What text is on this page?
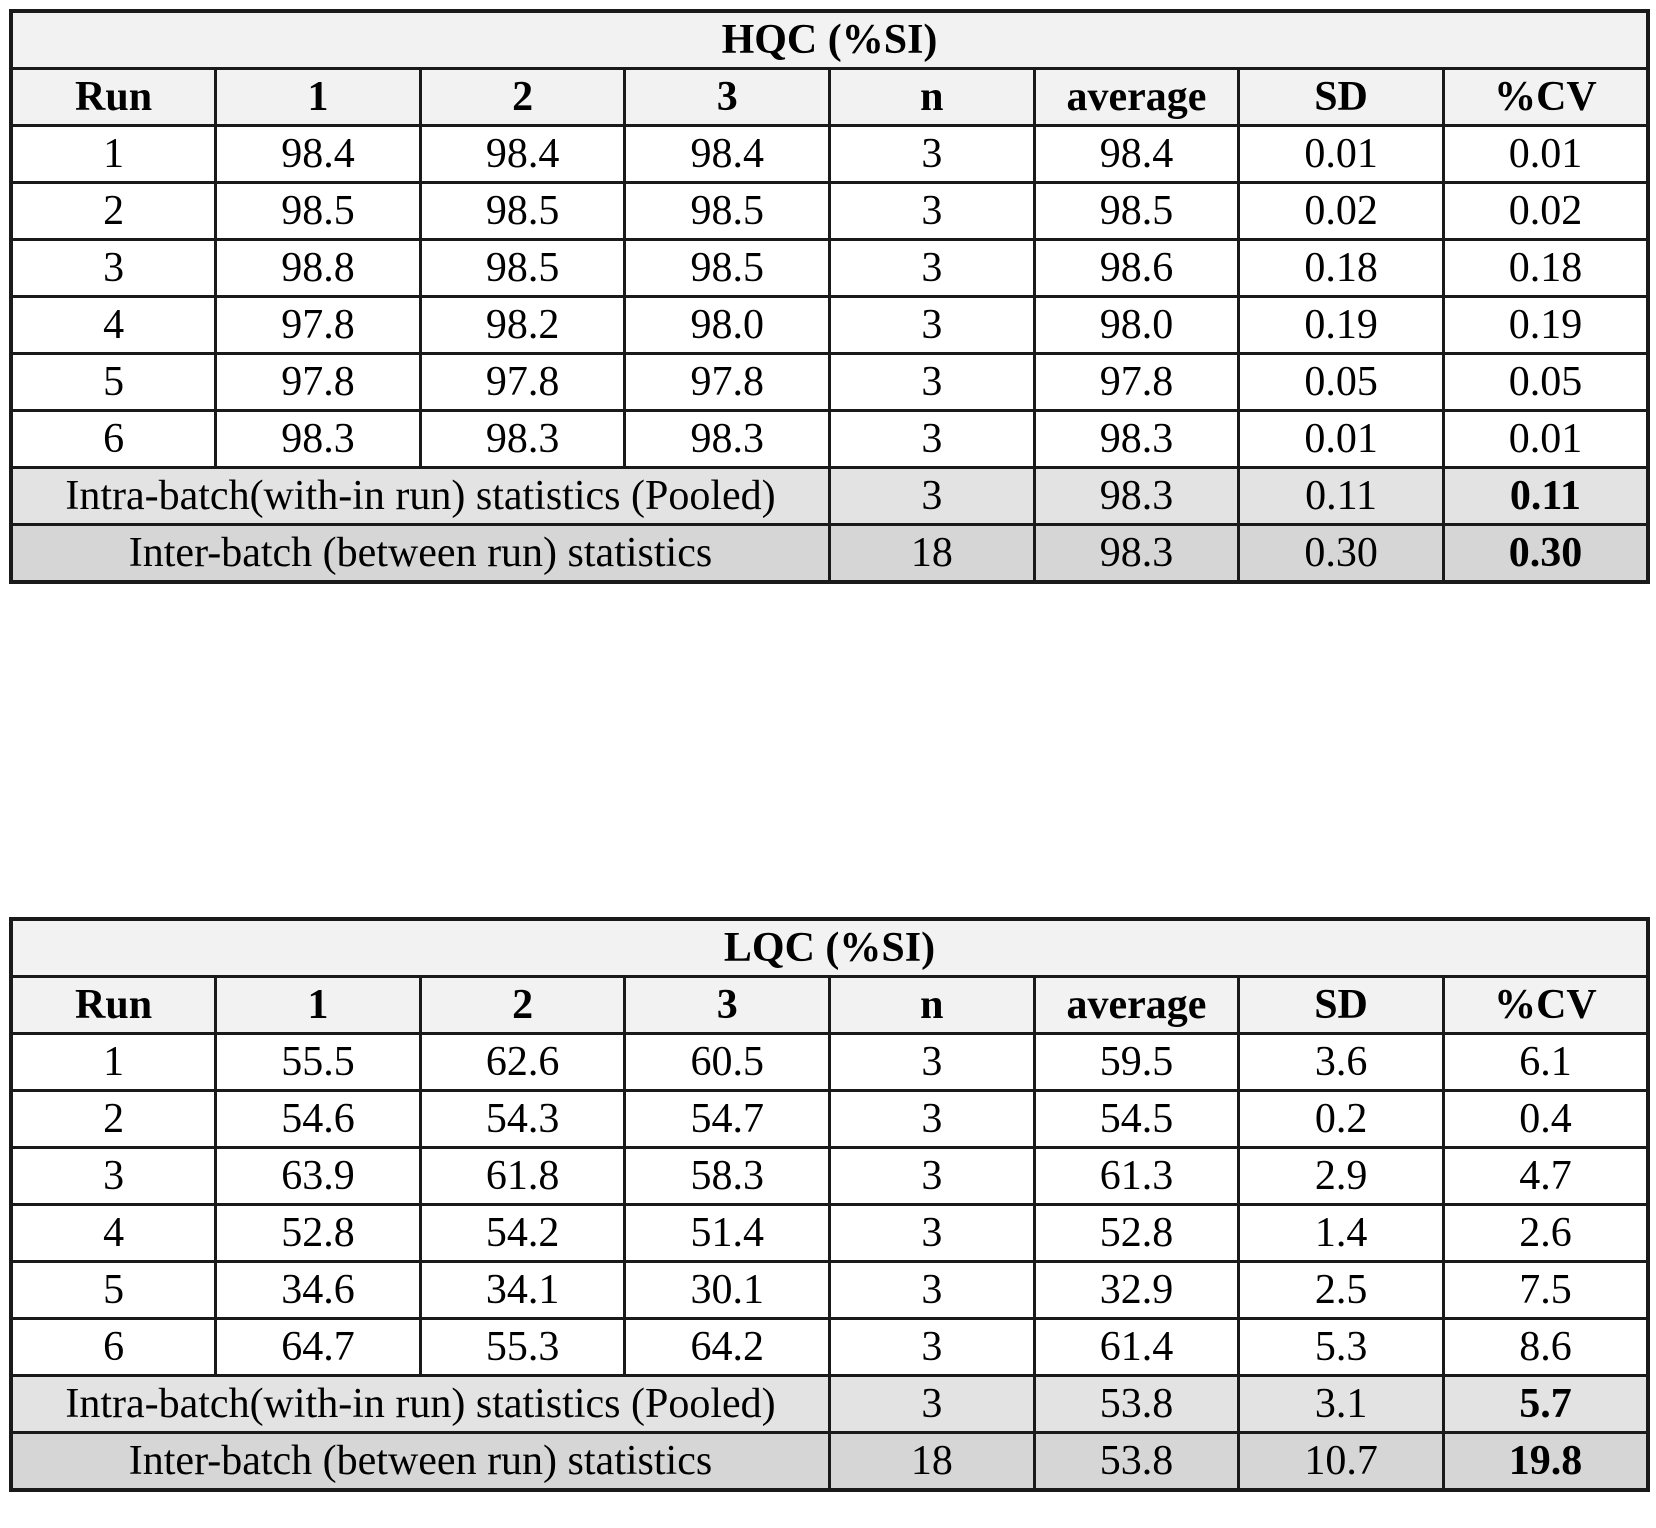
HQC (%SI)							
Run	1	2	3	n	average	SD	%CV
1	98.4	98.4	98.4	3	98.4	0.01	0.01
2	98.5	98.5	98.5	3	98.5	0.02	0.02
3	98.8	98.5	98.5	3	98.6	0.18	0.18
4	97.8	98.2	98.0	3	98.0	0.19	0.19
5	97.8	97.8	97.8	3	97.8	0.05	0.05
6	98.3	98.3	98.3	3	98.3	0.01	0.01
Intra-batch(with-in run) statistics (Pooled)				3	98.3	0.11	0.11
Inter-batch (between run) statistics				18	98.3	0.30	0.30
LQC (%SI)							
Run	1	2	3	n	average	SD	%CV
1	55.5	62.6	60.5	3	59.5	3.6	6.1
2	54.6	54.3	54.7	3	54.5	0.2	0.4
3	63.9	61.8	58.3	3	61.3	2.9	4.7
4	52.8	54.2	51.4	3	52.8	1.4	2.6
5	34.6	34.1	30.1	3	32.9	2.5	7.5
6	64.7	55.3	64.2	3	61.4	5.3	8.6
Intra-batch(with-in run) statistics (Pooled)				3	53.8	3.1	5.7
Inter-batch (between run) statistics				18	53.8	10.7	19.8
